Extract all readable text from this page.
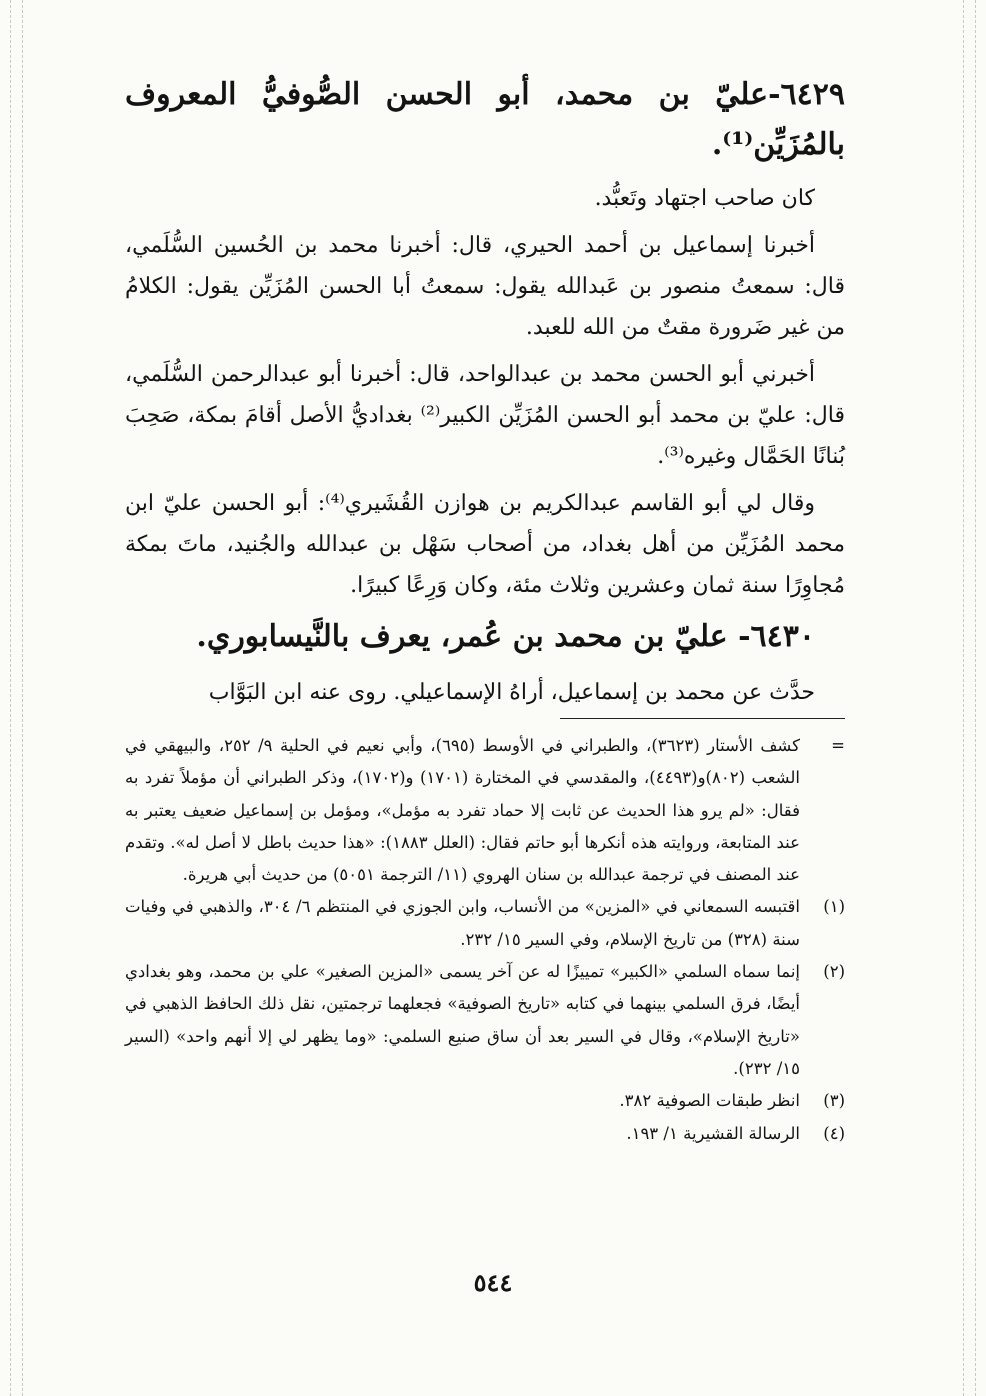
٦٤٢٩-عليّ بن محمد، أبو الحسن الصُّوفيُّ المعروف بالمُزَيِّن⁽¹⁾.

كان صاحب اجتهاد وتَعبُّد.

أخبرنا إسماعيل بن أحمد الحيري، قال: أخبرنا محمد بن الحُسين السُّلَمي، قال: سمعتُ منصور بن عَبدالله يقول: سمعتُ أبا الحسن المُزَيِّن يقول: الكلامُ من غير ضَرورة مقتٌ من الله للعبد.

أخبرني أبو الحسن محمد بن عبدالواحد، قال: أخبرنا أبو عبدالرحمن السُّلَمي، قال: عليّ بن محمد أبو الحسن المُزَيِّن الكبير⁽²⁾ بغداديُّ الأصل أقامَ بمكة، صَحِبَ بُنانًا الحَمَّال وغيره⁽³⁾.

وقال لي أبو القاسم عبدالكريم بن هوازن القُشَيري⁽⁴⁾: أبو الحسن عليّ ابن محمد المُزَيِّن من أهل بغداد، من أصحاب سَهْل بن عبدالله والجُنيد، ماتَ بمكة مُجاوِرًا سنة ثمان وعشرين وثلاث مئة، وكان وَرِعًا كبيرًا.

٦٤٣٠- عليّ بن محمد بن عُمر، يعرف بالنَّيسابوري.

حدَّث عن محمد بن إسماعيل، أراهُ الإسماعيلي. روى عنه ابن البَوَّاب

=
كشف الأستار (٣٦٢٣)، والطبراني في الأوسط (٦٩٥)، وأبي نعيم في الحلية ٩/ ٢٥٢، والبيهقي في الشعب (٨٠٢)و(٤٤٩٣)، والمقدسي في المختارة (١٧٠١) و(١٧٠٢)، وذكر الطبراني أن مؤملاً تفرد به فقال: «لم يرو هذا الحديث عن ثابت إلا حماد تفرد به مؤمل»، ومؤمل بن إسماعيل ضعيف يعتبر به عند المتابعة، وروايته هذه أنكرها أبو حاتم فقال: (العلل ١٨٨٣): «هذا حديث باطل لا أصل له». وتقدم عند المصنف في ترجمة عبدالله بن سنان الهروي (١١/ الترجمة ٥٠٥١) من حديث أبي هريرة.
(١)
اقتبسه السمعاني في «المزين» من الأنساب، وابن الجوزي في المنتظم ٦/ ٣٠٤، والذهبي في وفيات سنة (٣٢٨) من تاريخ الإسلام، وفي السير ١٥/ ٢٣٢.
(٢)
إنما سماه السلمي «الكبير» تمييزًا له عن آخر يسمى «المزين الصغير» علي بن محمد، وهو بغدادي أيضًا، فرق السلمي بينهما في كتابه «تاريخ الصوفية» فجعلهما ترجمتين، نقل ذلك الحافظ الذهبي في «تاريخ الإسلام»، وقال في السير بعد أن ساق صنيع السلمي: «وما يظهر لي إلا أنهم واحد» (السير ١٥/ ٢٣٢).
(٣)
انظر طبقات الصوفية ٣٨٢.
(٤)
الرسالة القشيرية ١/ ١٩٣.
٥٤٤
